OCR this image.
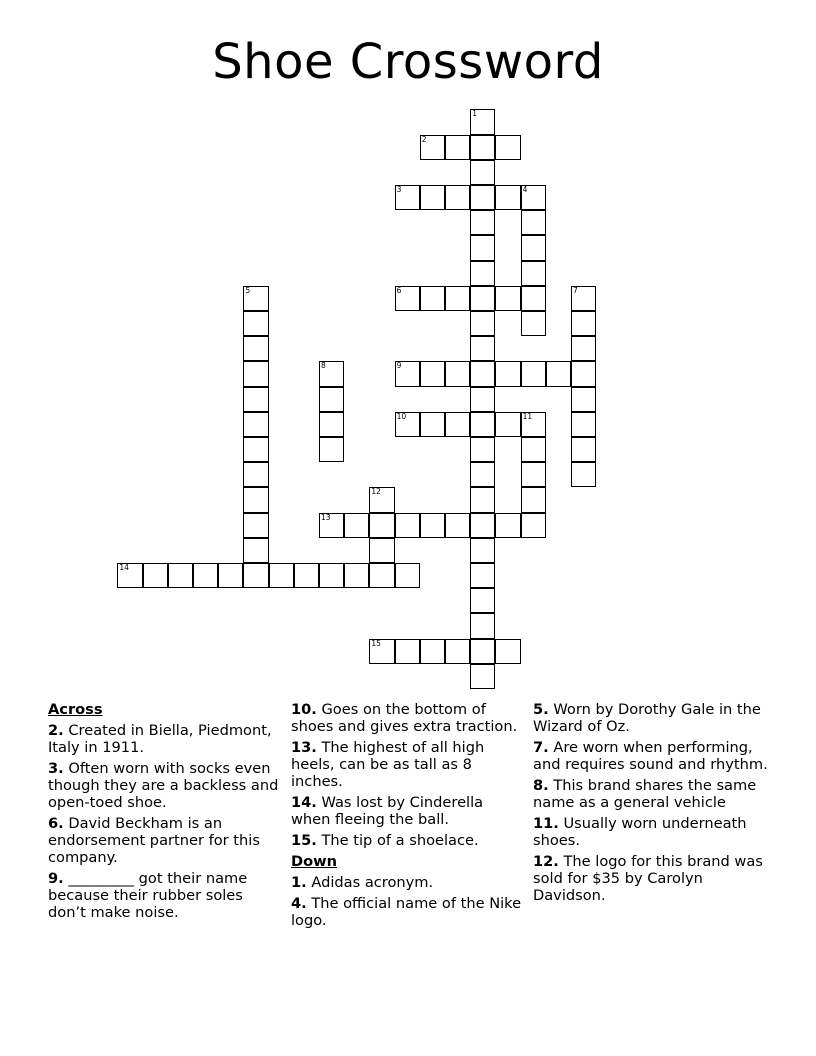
Shoe Crossword
1
2
3	4
5	6	7
8	9
10	11
12
13
14
15
Across
2. Created in Biella, Piedmont, Italy in 1911.
3. Often worn with socks even though they are a backless and open-toed shoe.
6. David Beckham is an endorsement partner for this company.
9. _________ got their name because their rubber soles don’t make noise.
10. Goes on the bottom of shoes and gives extra traction.
13. The highest of all high heels, can be as tall as 8 inches.
14. Was lost by Cinderella when fleeing the ball.
15. The tip of a shoelace.
Down
1. Adidas acronym.
4. The official name of the Nike logo.
5. Worn by Dorothy Gale in the Wizard of Oz.
7. Are worn when performing, and requires sound and rhythm.
8. This brand shares the same name as a general vehicle
11. Usually worn underneath shoes.
12. The logo for this brand was sold for $35 by Carolyn Davidson.
